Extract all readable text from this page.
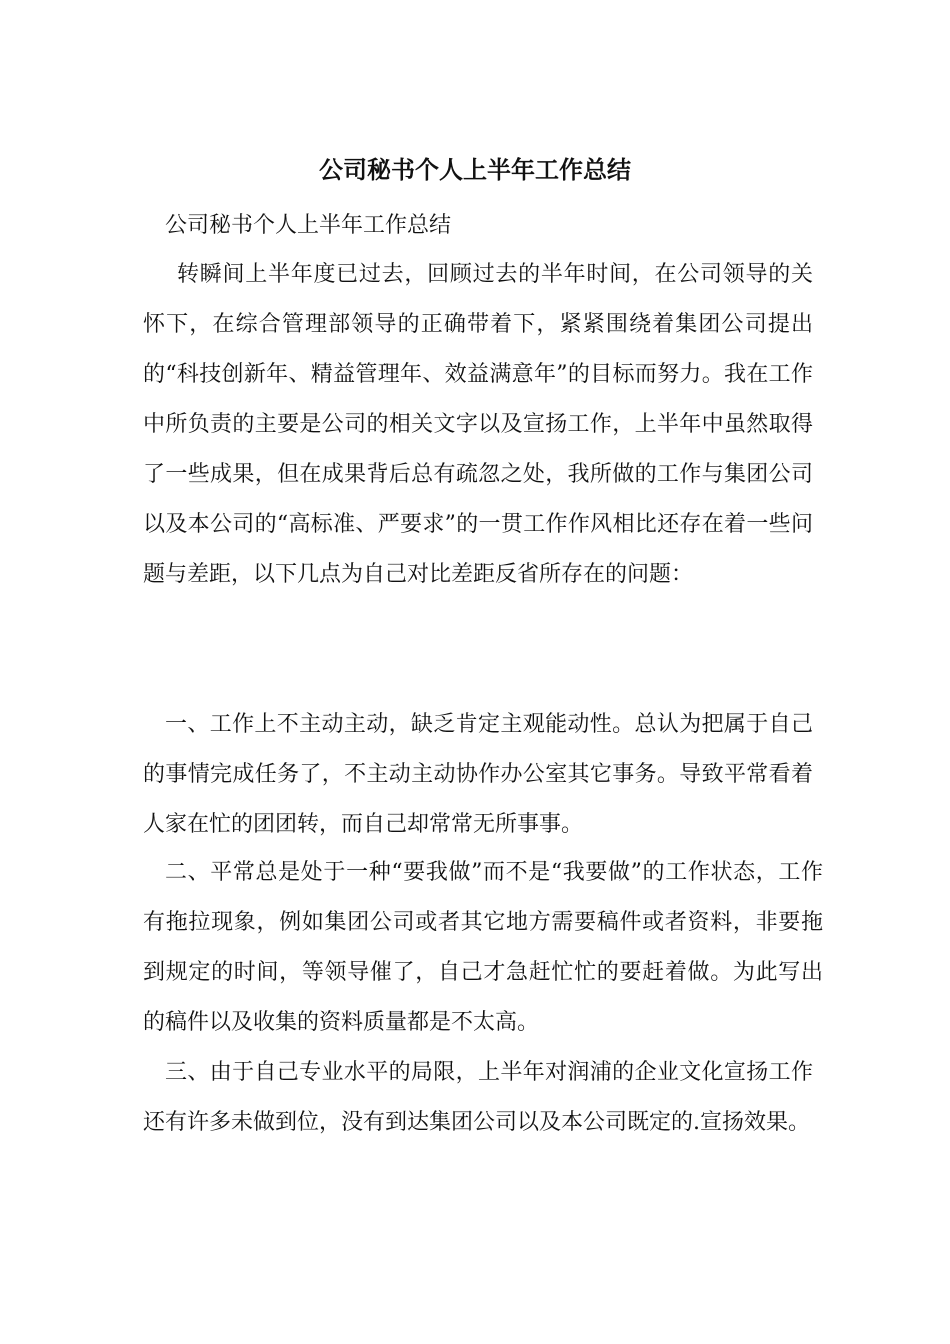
公司秘书个人上半年工作总结
公司秘书个人上半年工作总结
转瞬间上半年度已过去，回顾过去的半年时间，在公司领导的关怀下，在综合管理部领导的正确带着下，紧紧围绕着集团公司提出的“科技创新年、精益管理年、效益满意年”的目标而努力。我在工作中所负责的主要是公司的相关文字以及宣扬工作，上半年中虽然取得了一些成果，但在成果背后总有疏忽之处，我所做的工作与集团公司以及本公司的“高标准、严要求”的一贯工作作风相比还存在着一些问题与差距，以下几点为自己对比差距反省所存在的问题：
一、工作上不主动主动，缺乏肯定主观能动性。总认为把属于自己的事情完成任务了，不主动主动协作办公室其它事务。导致平常看着人家在忙的团团转，而自己却常常无所事事。
二、平常总是处于一种“要我做”而不是“我要做”的工作状态，工作有拖拉现象，例如集团公司或者其它地方需要稿件或者资料，非要拖到规定的时间，等领导催了，自己才急赶忙忙的要赶着做。为此写出的稿件以及收集的资料质量都是不太高。
三、由于自己专业水平的局限，上半年对润浦的企业文化宣扬工作还有许多未做到位，没有到达集团公司以及本公司既定的.宣扬效果。
